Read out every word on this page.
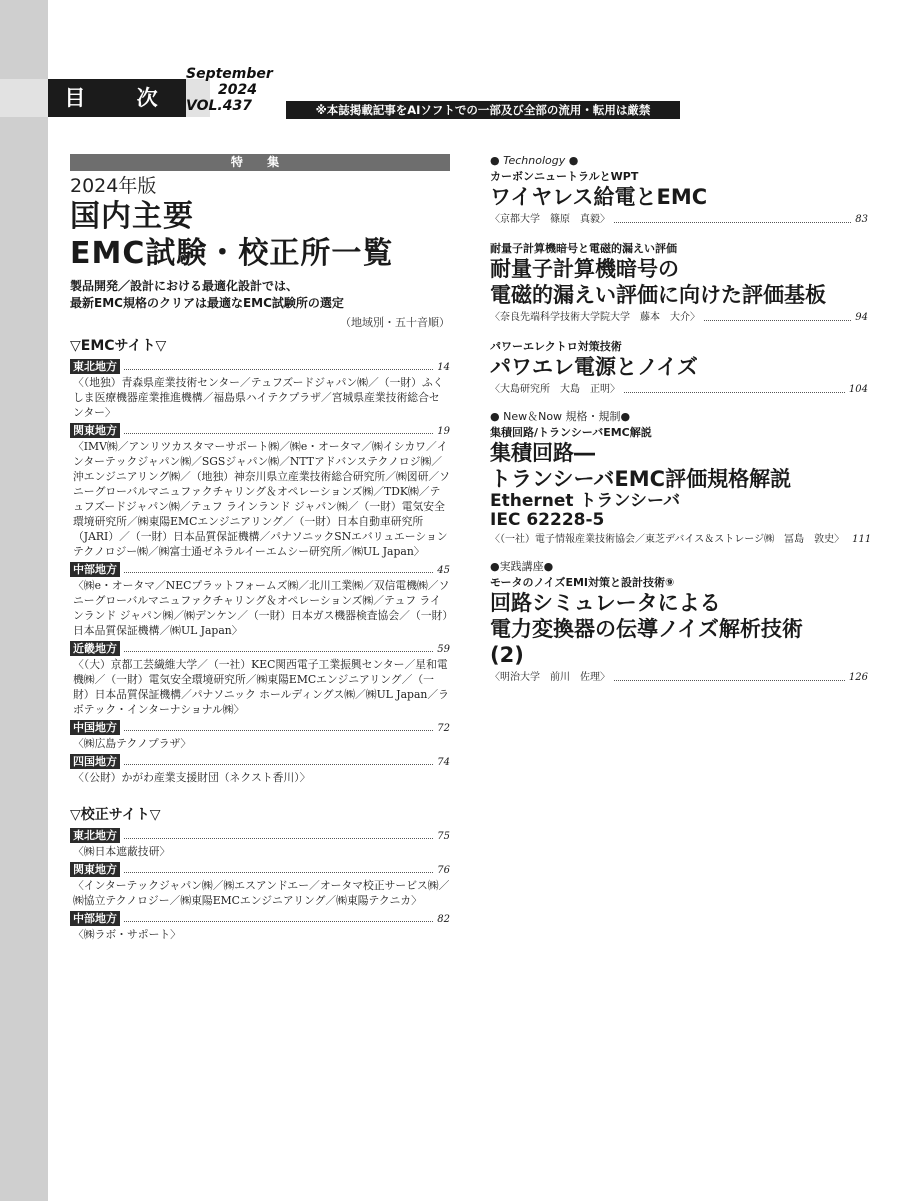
目 次
September
2024
VOL.437	※本誌掲載記事をAIソフトでの一部及び全部の流用・転用は厳禁
特 集
2024年版
国内主要
EMC試験・校正所一覧
製品開発／設計における最適化設計では、
最新EMC規格のクリアは最適なEMC試験所の選定
（地域別・五十音順）
▽EMCサイト▽
東北地方	14
〈（地独）青森県産業技術センター／テュフズードジャパン㈱／（一財）ふくしま医療機器産業推進機構／福島県ハイテクプラザ／宮城県産業技術総合センター〉
関東地方	19
〈IMV㈱／アンリツカスタマーサポート㈱／㈱e・オータマ／㈱イシカワ／インターテックジャパン㈱／SGSジャパン㈱／NTTアドバンステクノロジ㈱／沖エンジニアリング㈱／（地独）神奈川県立産業技術総合研究所／㈱図研／ソニーグローバルマニュファクチャリング＆オペレーションズ㈱／TDK㈱／テュフズードジャパン㈱／テュフ ラインランド ジャパン㈱／（一財）電気安全環境研究所／㈱東陽EMCエンジニアリング／（一財）日本自動車研究所（JARI）／（一財）日本品質保証機構／パナソニックSNエバリュエーションテクノロジー㈱／㈱富士通ゼネラルイーエムシー研究所／㈱UL Japan〉
中部地方	45
〈㈱e・オータマ／NECプラットフォームズ㈱／北川工業㈱／双信電機㈱／ソニーグローバルマニュファクチャリング＆オペレーションズ㈱／テュフ ラインランド ジャパン㈱／㈱デンケン／（一財）日本ガス機器検査協会／（一財）日本品質保証機構／㈱UL Japan〉
近畿地方	59
〈（大）京都工芸繊維大学／（一社）KEC関西電子工業振興センター／星和電機㈱／（一財）電気安全環境研究所／㈱東陽EMCエンジニアリング／（一財）日本品質保証機構／パナソニック ホールディングス㈱／㈱UL Japan／ラボテック・インターナショナル㈱〉
中国地方	72
〈㈱広島テクノプラザ〉
四国地方	74
〈（公財）かがわ産業支援財団（ネクスト香川）〉
▽校正サイト▽
東北地方	75
〈㈱日本遮蔽技研〉
関東地方	76
〈インターテックジャパン㈱／㈱エスアンドエー／オータマ校正サービス㈱／㈱協立テクノロジー／㈱東陽EMCエンジニアリング／㈱東陽テクニカ〉
中部地方	82
〈㈱ラボ・サポート〉
● Technology ●
カーボンニュートラルとWPT
ワイヤレス給電とEMC
〈京都大学　篠原　真毅〉	83
耐量子計算機暗号と電磁的漏えい評価
耐量子計算機暗号の
電磁的漏えい評価に向けた評価基板
〈奈良先端科学技術大学院大学　藤本　大介〉	94
パワーエレクトロ対策技術
パワエレ電源とノイズ
〈大島研究所　大島　正明〉	104
● New＆Now 規格・規制●
集積回路/トランシーバEMC解説
集積回路―
トランシーバEMC評価規格解説
Ethernet トランシーバ
IEC 62228-5
〈（一社）電子情報産業技術協会／東芝デバイス＆ストレージ㈱　冨島　敦史〉 111
●実践講座●
モータのノイズEMI対策と設計技術⑨
回路シミュレータによる
電力変換器の伝導ノイズ解析技術
(2)
〈明治大学　前川　佐理〉	126
